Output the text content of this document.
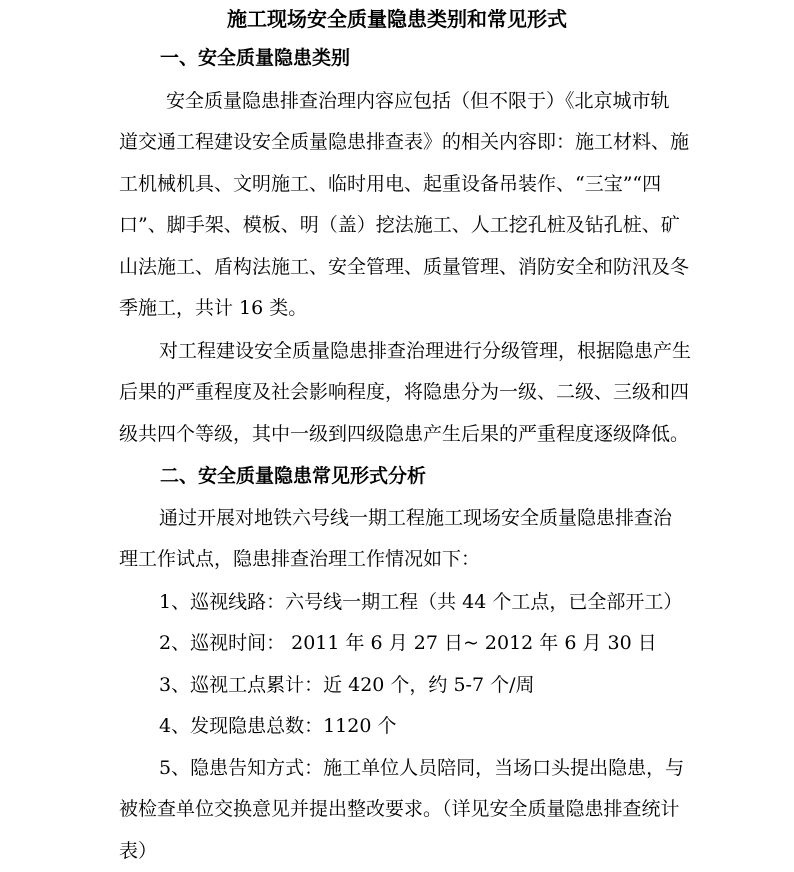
施工现场安全质量隐患类别和常见形式
一、安全质量隐患类别
安全质量隐患排查治理内容应包括（但不限于）《北京城市轨
道交通工程建设安全质量隐患排查表》的相关内容即：施工材料、施
工机械机具、文明施工、临时用电、起重设备吊装作、“三宝”“四
口”、脚手架、模板、明（盖）挖法施工、人工挖孔桩及钻孔桩、矿
山法施工、盾构法施工、安全管理、质量管理、消防安全和防汛及冬
季施工，共计 16 类。
对工程建设安全质量隐患排查治理进行分级管理，根据隐患产生
后果的严重程度及社会影响程度，将隐患分为一级、二级、三级和四
级共四个等级，其中一级到四级隐患产生后果的严重程度逐级降低。
二、安全质量隐患常见形式分析
通过开展对地铁六号线一期工程施工现场安全质量隐患排查治
理工作试点，隐患排查治理工作情况如下：
1、巡视线路：六号线一期工程（共 44 个工点，已全部开工）
2、巡视时间： 2011 年 6 月 27 日~ 2012 年 6 月 30 日
3、巡视工点累计：近 420 个，约 5-7 个/周
4、发现隐患总数：1120 个
5、隐患告知方式：施工单位人员陪同，当场口头提出隐患，与
被检查单位交换意见并提出整改要求。（详见安全质量隐患排查统计
表）
